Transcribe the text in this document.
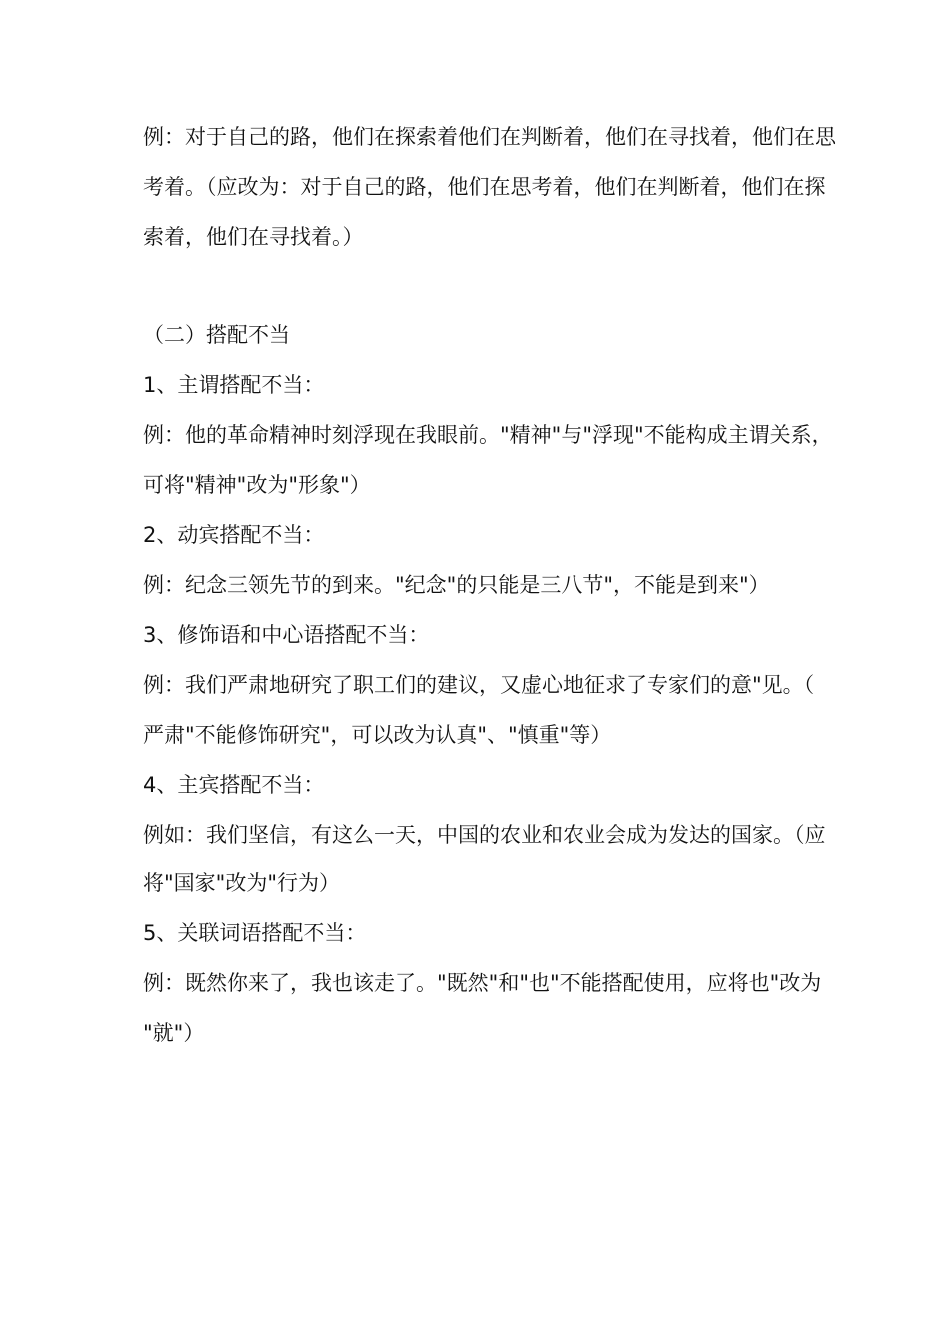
例：对于自己的路，他们在探索着他们在判断着，他们在寻找着，他们在思
考着。（应改为：对于自己的路，他们在思考着，他们在判断着，他们在探
索着，他们在寻找着。）
（二）搭配不当
1、主谓搭配不当：
例：他的革命精神时刻浮现在我眼前。"精神"与"浮现"不能构成主谓关系，
可将"精神"改为"形象"）
2、动宾搭配不当：
例：纪念三领先节的到来。"纪念"的只能是三八节"，不能是到来"）
3、修饰语和中心语搭配不当：
例：我们严肃地研究了职工们的建议，又虚心地征求了专家们的意"见。（
严肃"不能修饰研究"，可以改为认真"、"慎重"等）
4、主宾搭配不当：
例如：我们坚信，有这么一天，中国的农业和农业会成为发达的国家。（应
将"国家"改为"行为）
5、关联词语搭配不当：
例：既然你来了，我也该走了。"既然"和"也"不能搭配使用，应将也"改为
"就"）
